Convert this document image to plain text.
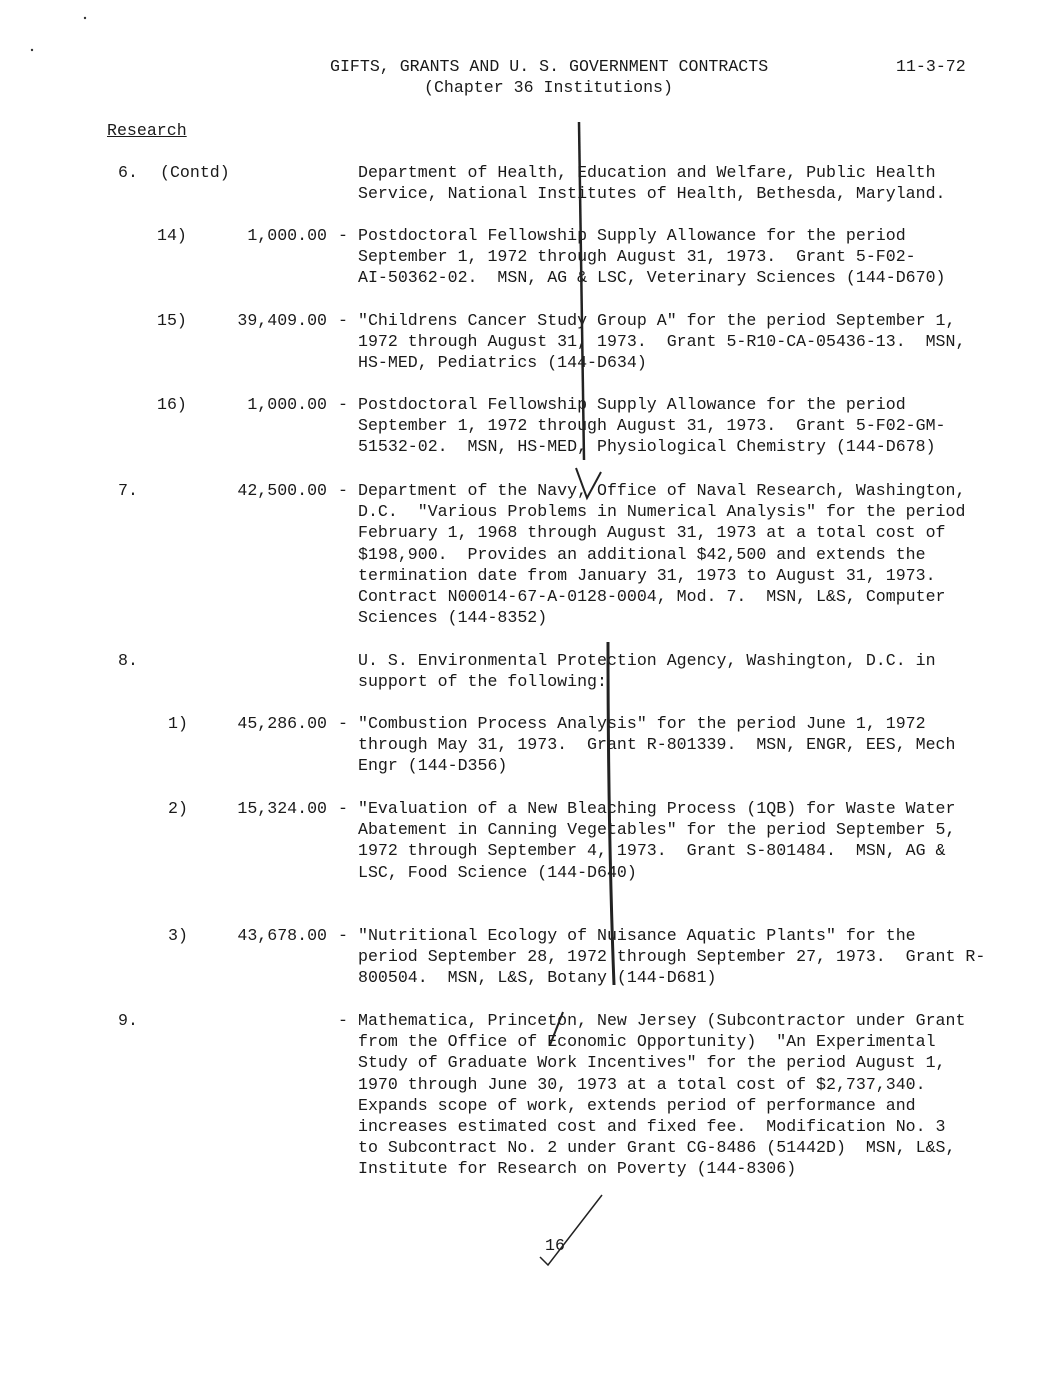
GIFTS, GRANTS AND U. S. GOVERNMENT CONTRACTS	11-3-72
(Chapter 36 Institutions)
Research
6. (Contd)	Department of Health, Education and Welfare, Public Health
Service, National Institutes of Health, Bethesda, Maryland.
14)	1,000.00 - Postdoctoral Fellowship Supply Allowance for the period
September 1, 1972 through August 31, 1973.  Grant 5-F02-
AI-50362-02.  MSN, AG & LSC, Veterinary Sciences (144-D670)
15)	39,409.00 - "Childrens Cancer Study Group A" for the period September 1,
1972 through August 31, 1973.  Grant 5-R10-CA-05436-13.  MSN,
HS-MED, Pediatrics (144-D634)
16)	1,000.00 - Postdoctoral Fellowship Supply Allowance for the period
September 1, 1972 through August 31, 1973.  Grant 5-F02-GM-
51532-02.  MSN, HS-MED, Physiological Chemistry (144-D678)
7.	42,500.00 - Department of the Navy, Office of Naval Research, Washington,
D.C.  "Various Problems in Numerical Analysis" for the period
February 1, 1968 through August 31, 1973 at a total cost of
$198,900.  Provides an additional $42,500 and extends the
termination date from January 31, 1973 to August 31, 1973.
Contract N00014-67-A-0128-0004, Mod. 7.  MSN, L&S, Computer
Sciences (144-8352)
8.	U. S. Environmental Protection Agency, Washington, D.C. in
support of the following:
1)	45,286.00 - "Combustion Process Analysis" for the period June 1, 1972
through May 31, 1973.  Grant R-801339.  MSN, ENGR, EES, Mech
Engr (144-D356)
2)	15,324.00 - "Evaluation of a New Bleaching Process (1QB) for Waste Water
Abatement in Canning Vegetables" for the period September 5,
1972 through September 4, 1973.  Grant S-801484.  MSN, AG &
LSC, Food Science (144-D640)
3)	43,678.00 - "Nutritional Ecology of Nuisance Aquatic Plants" for the
period September 28, 1972 through September 27, 1973.  Grant R-
800504.  MSN, L&S, Botany (144-D681)
9.	- Mathematica, Princeton, New Jersey (Subcontractor under Grant
from the Office of Economic Opportunity)  "An Experimental
Study of Graduate Work Incentives" for the period August 1,
1970 through June 30, 1973 at a total cost of $2,737,340.
Expands scope of work, extends period of performance and
increases estimated cost and fixed fee.  Modification No. 3
to Subcontract No. 2 under Grant CG-8486 (51442D)  MSN, L&S,
Institute for Research on Poverty (144-8306)
16
